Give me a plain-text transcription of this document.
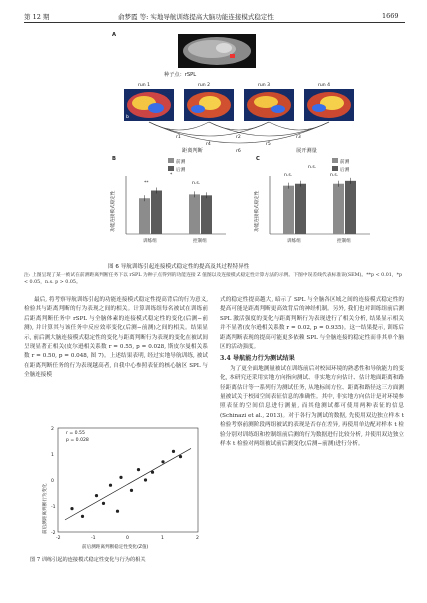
第 12 期	俞梦霞 等: 实地导航训练提高大脑功能连接模式稳定性	1669
A
种子点：rSPL
run 1	run 2	run 3	run 4
b
r1	r2	r3
r4	r5
r6
B
前测
后测
距离判断
功能连接模式稳定性
训练组	控制组
**	n.s.
*
C
前测
后测
展开测量
功能连接模式稳定性
训练组	控制组
n.s.	n.s.
n.s.
图 6 导航训练引起连接模式稳定性的提高及其过程特异性
注: 上图呈现了某一被试在前测距离判断任务下以 rSPL 为种子点得到的功能连接 Z 值图以及连接模式稳定性计算方法的示例。下图中误差线代表标准误(SEM)。**p < 0.01，*p < 0.05，n.s. p > 0.05。

最后, 将考察导航训练引起的功能连接模式稳定性提高背后的行为意义, 检验其与距离判断的行为表现之间的相关。计算训练组每名被试在训练前后距离判断任务中 rSPL 与全脑体素的连接模式稳定性的变化(后测−前测), 并计算其与该任务中反应效率变化(后测−前测)之间的相关。结果显示, 前后测大脑连接模式稳定性的变化与距离判断行为表现的变化在被试间呈现显著正相关(皮尔逊相关系数 r = 0.55, p = 0.028, 斯皮尔曼相关系数 r = 0.50, p = 0.048, 图 7)。上述结果表明, 经过实地导航训练, 被试在距离判断任务的行为表现越高者, 自我中心参照表征的核心脑区 SPL 与全脑连接模

前后测距离判断行为变化
-2
-2
-1
-1
0
0
1
1
2
2
r = 0.55
p = 0.028
前后测距离判断稳定性变化(Z值)
图 7 训练引起的连接模式稳定性变化与行为的相关

式的稳定性提高越大, 暗示了 SPL 与全脑各区域之间的连接模式稳定性的提高可能是距离判断更高效背后的神经机制。另外, 我们也对训练组前后测 SPL 激活强度的变化与距离判断行为表现进行了相关分析, 结果显示相关并不显著(皮尔逊相关系数 r = 0.02, p = 0.935)。这一结果提示, 训练后距离判断表现的提高可能更多依赖 SPL 与全脑连接的稳定性而非其单个脑区的活动强度。

3.4 导航能力行为测试结果

为了更全面地测量被试在训练前后对校园环境的熟悉性和导航能力的变化, 本研究还采用实地方向指向测试、非实地方向估计、估计地面距离和路径距离估计等一系列行为测试任务, 从地标间方位、距离和路径这三方面测量被试关于校园空间表征信息的准确性。其中, 非实地方向估计是对环境参照表征的空间信息进行测量, 而其他测试都可使用两种表征的信息(Schinazi et al., 2013)。对于各行为测试的数据, 先使用双边独立样本 t 检验考察前测阶段两组被试的表现是否存在差异, 再使用单边配对样本 t 检验分别对训练组和控制组前后测的行为数据进行比较分析, 并使用双边独立样本 t 检验对两组被试前后测变化(后测−前测)进行分析。
